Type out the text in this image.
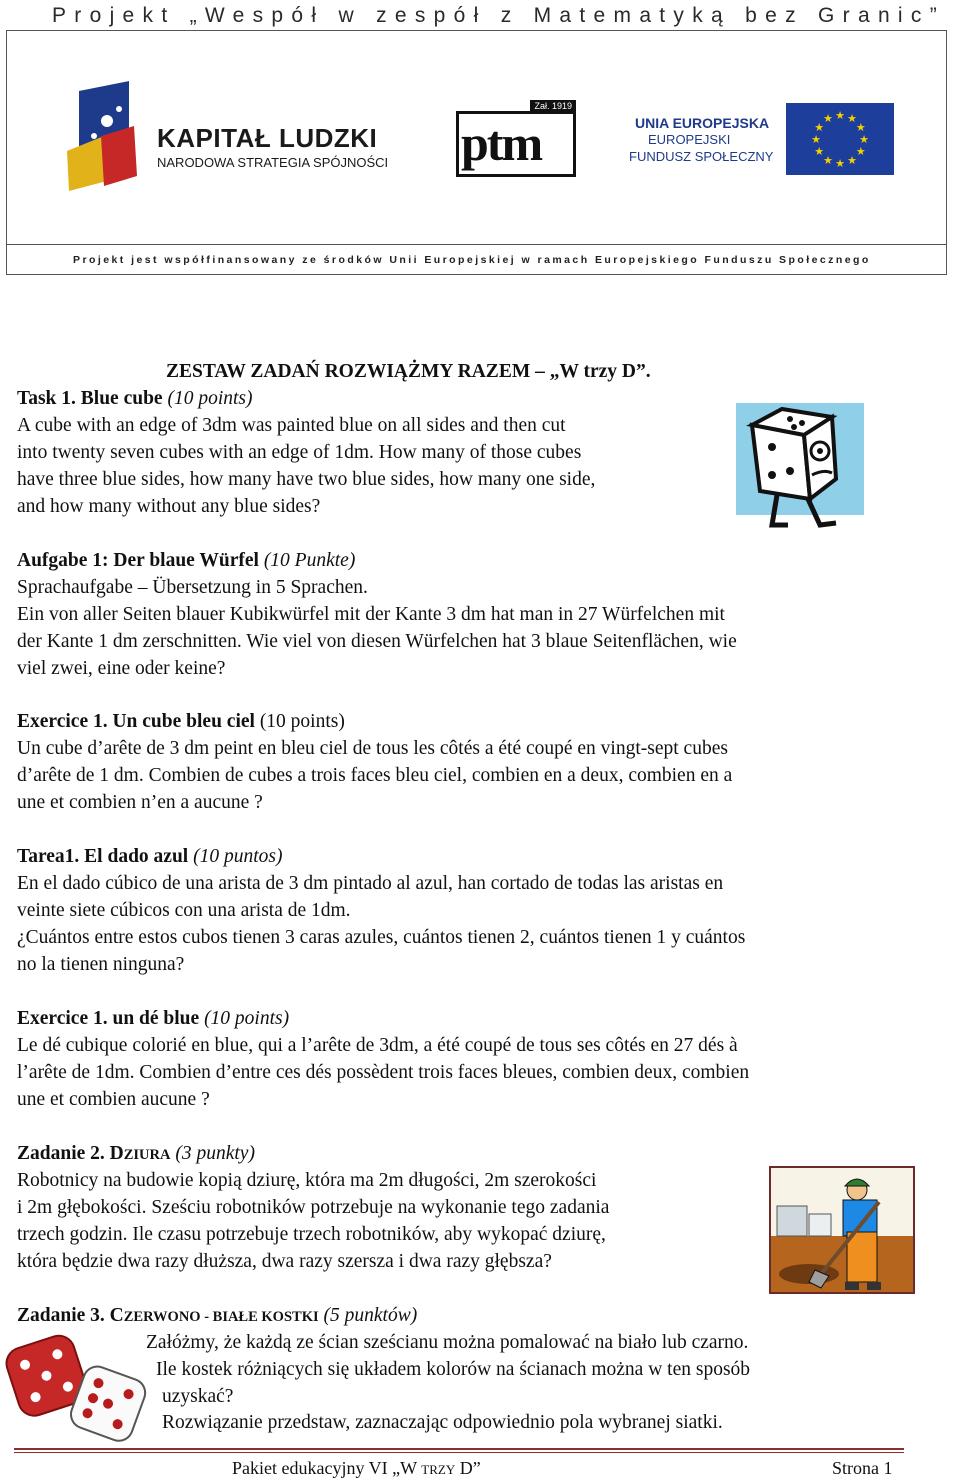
Projekt „Wespół w zespół z Matematyką bez Granic”
KAPITAŁ LUDZKI
NARODOWA STRATEGIA SPÓJNOŚCI ptm
Zał. 1919
UNIA EUROPEJSKA
EUROPEJSKI
FUNDUSZ SPOŁECZNY
★
★
★
★
★
★
★
★
★ ★ ★
★
Projekt jest współfinansowany ze środków Unii Europejskiej w ramach Europejskiego Funduszu Społecznego
ZESTAW ZADAŃ ROZWIĄŻMY RAZEM – „W trzy D”.
Task 1. Blue cube (10 points)
A cube with an edge of 3dm was painted blue on all sides and then cut
into twenty seven cubes with an edge of 1dm. How many of those cubes
have three blue sides, how many have two blue sides, how many one side,
and how many without any blue sides?
Aufgabe 1: Der blaue Würfel (10 Punkte)
Sprachaufgabe – Übersetzung in 5 Sprachen.
Ein von aller Seiten blauer Kubikwürfel mit der Kante 3 dm hat man in 27 Würfelchen mit
der Kante 1 dm zerschnitten. Wie viel von diesen Würfelchen hat 3 blaue Seitenflächen, wie
viel zwei, eine oder keine?
Exercice 1. Un cube bleu ciel (10 points)
Un cube d’arête de 3 dm peint en bleu ciel de tous les côtés a été coupé en vingt-sept cubes
d’arête de 1 dm. Combien de cubes a trois faces bleu ciel, combien en a deux, combien en a
une et combien n’en a aucune ?
Tarea1. El dado azul (10 puntos)
En el dado cúbico de una arista de 3 dm pintado al azul, han cortado de todas las aristas en
veinte siete cúbicos con una arista de 1dm.
¿Cuántos entre estos cubos tienen 3 caras azules, cuántos tienen 2, cuántos tienen 1 y cuántos
no la tienen ninguna?
Exercice 1. un dé blue (10 points)
Le dé cubique colorié en blue, qui a l’arête de 3dm, a été coupé de tous ses côtés en 27 dés à
l’arête de 1dm. Combien d’entre ces dés possèdent trois faces bleues, combien deux, combien
une et combien aucune ?
Zadanie 2. DZIURA (3 punkty)
Robotnicy na budowie kopią dziurę, która ma 2m długości, 2m szerokości
i 2m głębokości. Sześciu robotników potrzebuje na wykonanie tego zadania
trzech godzin. Ile czasu potrzebuje trzech robotników, aby wykopać dziurę,
która będzie dwa razy dłuższa, dwa razy szersza i dwa razy głębsza?
Zadanie 3. CZERWONO - BIAŁE KOSTKI (5 punktów)
Załóżmy, że każdą ze ścian sześcianu można pomalować na biało lub czarno.
Ile kostek różniących się układem kolorów na ścianach można w ten sposób
uzyskać?
Rozwiązanie przedstaw, zaznaczając odpowiednio pola wybranej siatki.
Pakiet edukacyjny VI „W TRZY D”	Strona 1
